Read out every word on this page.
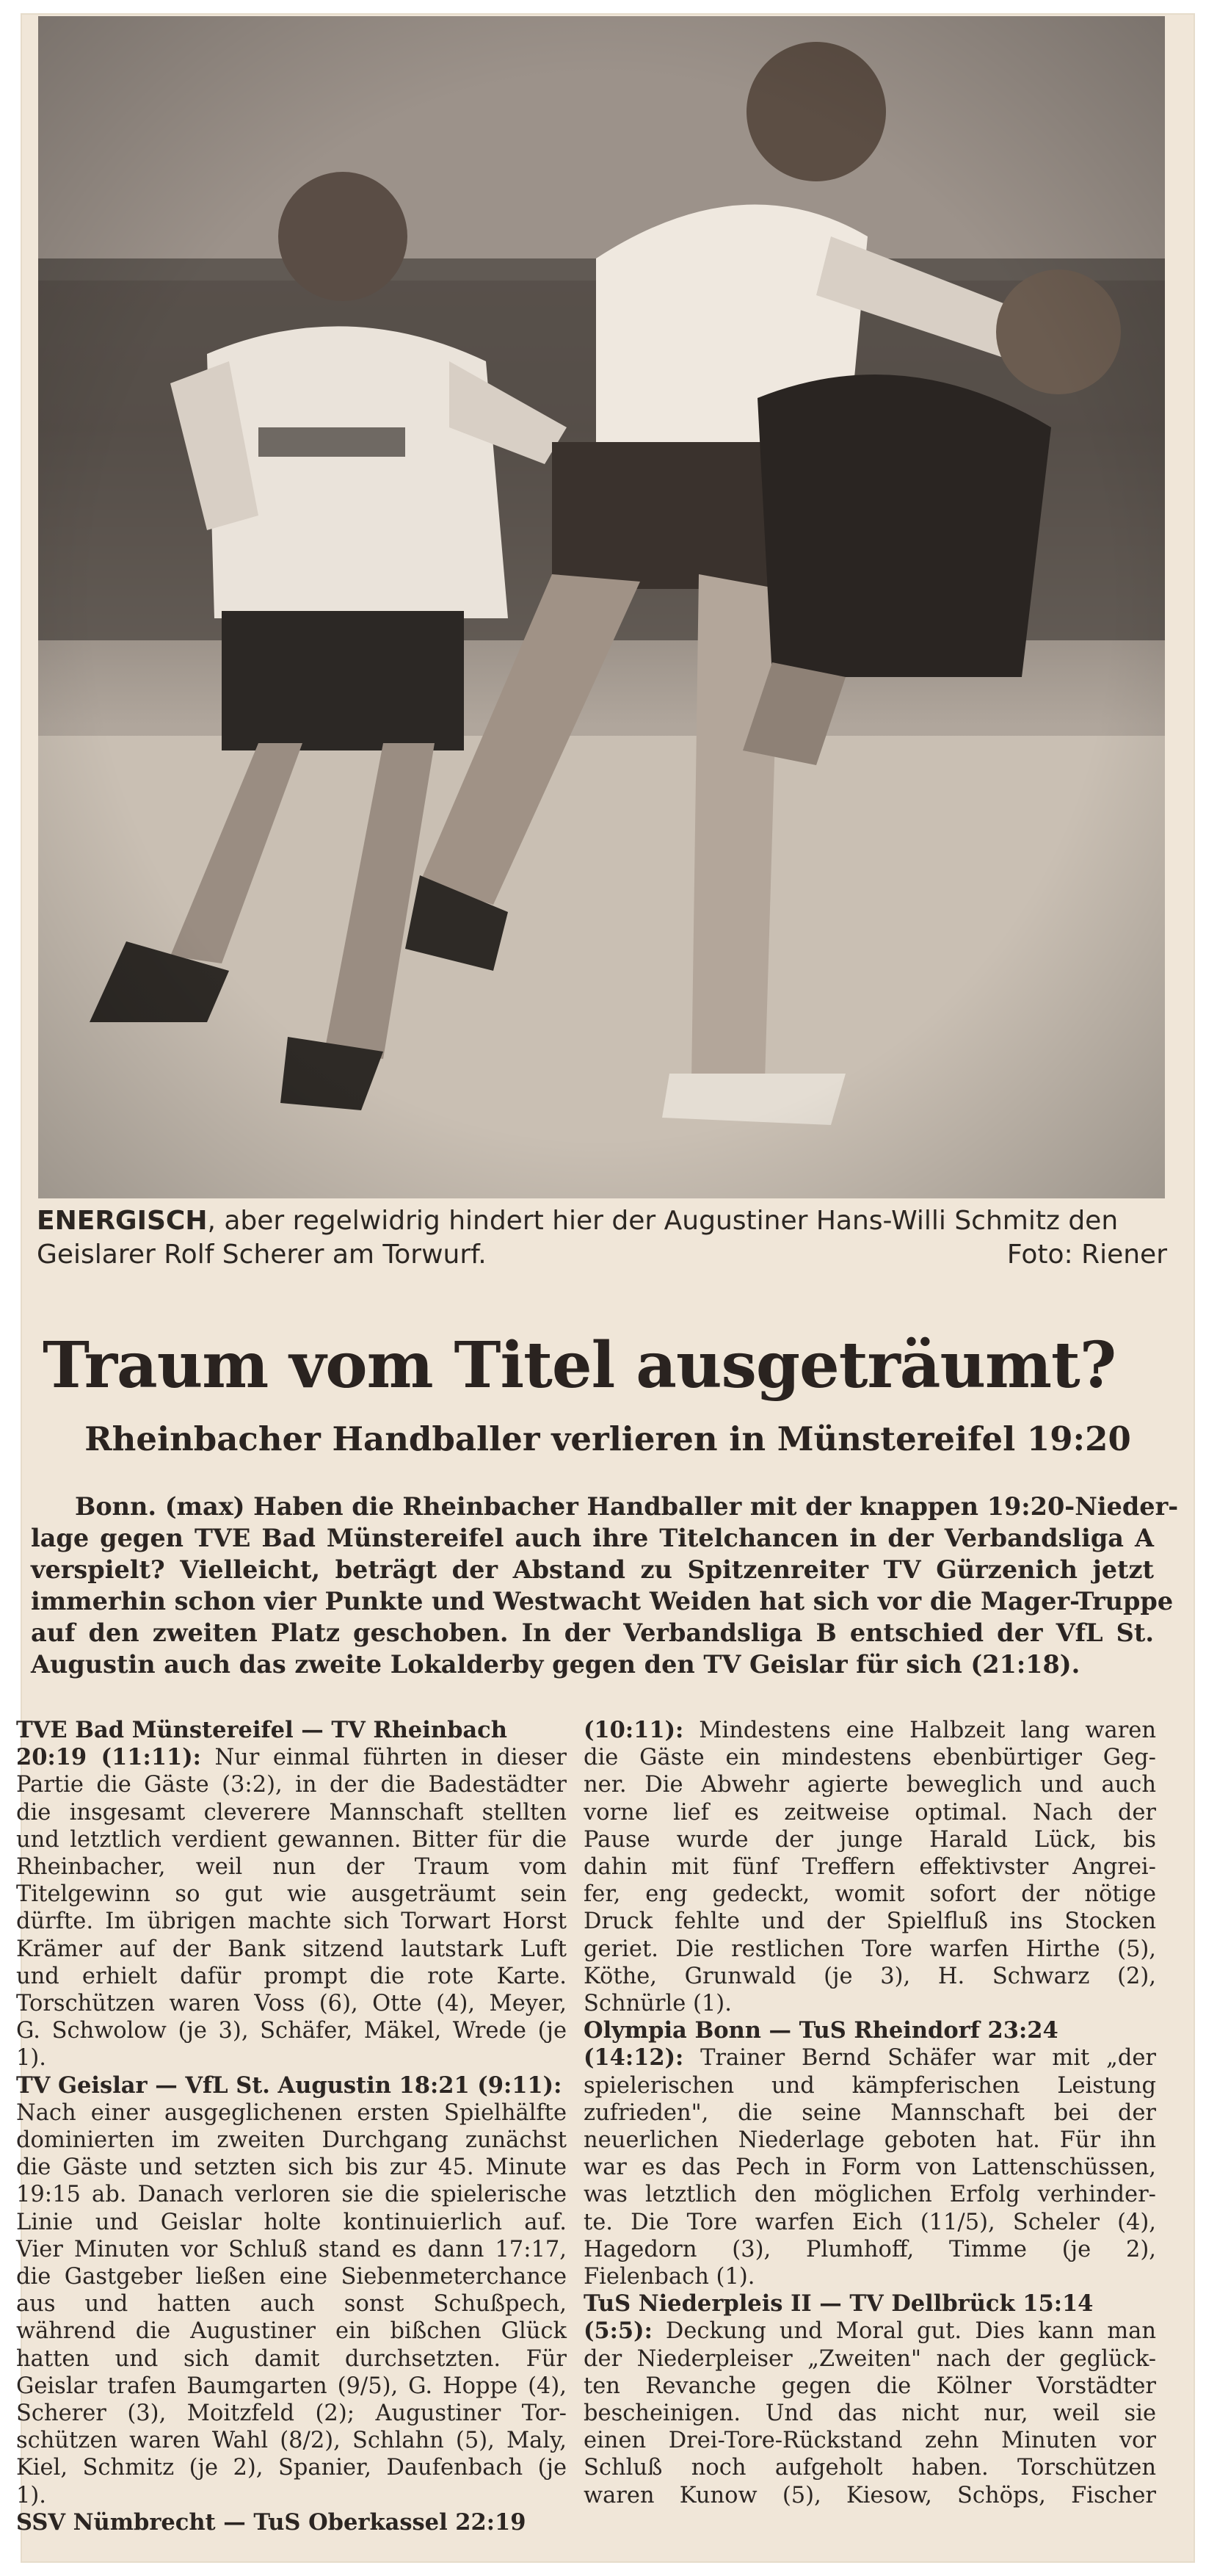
ENERGISCH, aber regelwidrig hindert hier der Augustiner Hans-Willi Schmitz den
Geislarer Rolf Scherer am Torwurf.	Foto: Riener
Traum vom Titel ausgeträumt?
Rheinbacher Handballer verlieren in Münstereifel 19:20
Bonn. (max) Haben die Rheinbacher Handballer mit der knappen 19:20-Nieder-
lage gegen TVE Bad Münstereifel auch ihre Titelchancen in der Verbandsliga A
verspielt? Vielleicht, beträgt der Abstand zu Spitzenreiter TV Gürzenich jetzt
immerhin schon vier Punkte und Westwacht Weiden hat sich vor die Mager-Truppe
auf den zweiten Platz geschoben. In der Verbandsliga B entschied der VfL St.
Augustin auch das zweite Lokalderby gegen den TV Geislar für sich (21:18).
TVE Bad Münstereifel — TV Rheinbach
20:19 (11:11): Nur einmal führten in dieser
Partie die Gäste (3:2), in der die Badestädter
die insgesamt cleverere Mannschaft stellten
und letztlich verdient gewannen. Bitter für die
Rheinbacher, weil nun der Traum vom
Titelgewinn so gut wie ausgeträumt sein
dürfte. Im übrigen machte sich Torwart Horst
Krämer auf der Bank sitzend lautstark Luft
und erhielt dafür prompt die rote Karte.
Torschützen waren Voss (6), Otte (4), Meyer,
G. Schwolow (je 3), Schäfer, Mäkel, Wrede (je
1).
TV Geislar — VfL St. Augustin 18:21 (9:11):
Nach einer ausgeglichenen ersten Spielhälfte
dominierten im zweiten Durchgang zunächst
die Gäste und setzten sich bis zur 45. Minute
19:15 ab. Danach verloren sie die spielerische
Linie und Geislar holte kontinuierlich auf.
Vier Minuten vor Schluß stand es dann 17:17,
die Gastgeber ließen eine Siebenmeterchance
aus und hatten auch sonst Schußpech,
während die Augustiner ein bißchen Glück
hatten und sich damit durchsetzten. Für
Geislar trafen Baumgarten (9/5), G. Hoppe (4),
Scherer (3), Moitzfeld (2); Augustiner Tor-
schützen waren Wahl (8/2), Schlahn (5), Maly,
Kiel, Schmitz (je 2), Spanier, Daufenbach (je
1).
SSV Nümbrecht — TuS Oberkassel 22:19
(10:11): Mindestens eine Halbzeit lang waren
die Gäste ein mindestens ebenbürtiger Geg-
ner. Die Abwehr agierte beweglich und auch
vorne lief es zeitweise optimal. Nach der
Pause wurde der junge Harald Lück, bis
dahin mit fünf Treffern effektivster Angrei-
fer, eng gedeckt, womit sofort der nötige
Druck fehlte und der Spielfluß ins Stocken
geriet. Die restlichen Tore warfen Hirthe (5),
Köthe, Grunwald (je 3), H. Schwarz (2),
Schnürle (1).
Olympia Bonn — TuS Rheindorf 23:24
(14:12): Trainer Bernd Schäfer war mit „der
spielerischen und kämpferischen Leistung
zufrieden", die seine Mannschaft bei der
neuerlichen Niederlage geboten hat. Für ihn
war es das Pech in Form von Lattenschüssen,
was letztlich den möglichen Erfolg verhinder-
te. Die Tore warfen Eich (11/5), Scheler (4),
Hagedorn (3), Plumhoff, Timme (je 2),
Fielenbach (1).
TuS Niederpleis II — TV Dellbrück 15:14
(5:5): Deckung und Moral gut. Dies kann man
der Niederpleiser „Zweiten" nach der geglück-
ten Revanche gegen die Kölner Vorstädter
bescheinigen. Und das nicht nur, weil sie
einen Drei-Tore-Rückstand zehn Minuten vor
Schluß noch aufgeholt haben. Torschützen
waren Kunow (5), Kiesow, Schöps, Fischer
